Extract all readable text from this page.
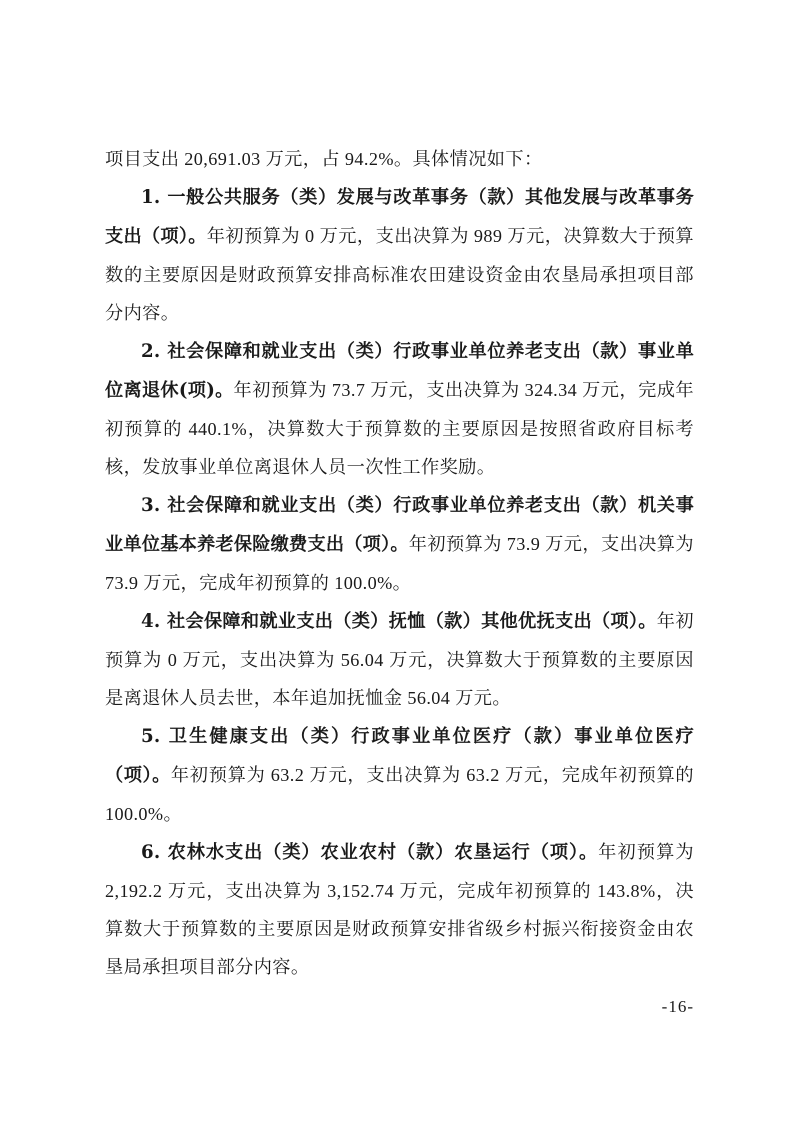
项目支出 20,691.03 万元，占 94.2%。具体情况如下：

1. 一般公共服务（类）发展与改革事务（款）其他发展与改革事务支出（项）。年初预算为 0 万元，支出决算为 989 万元，决算数大于预算数的主要原因是财政预算安排高标准农田建设资金由农垦局承担项目部分内容。

2. 社会保障和就业支出（类）行政事业单位养老支出（款）事业单位离退休(项)。年初预算为 73.7 万元，支出决算为 324.34 万元，完成年初预算的 440.1%，决算数大于预算数的主要原因是按照省政府目标考核，发放事业单位离退休人员一次性工作奖励。

3. 社会保障和就业支出（类）行政事业单位养老支出（款）机关事业单位基本养老保险缴费支出（项）。年初预算为 73.9 万元，支出决算为 73.9 万元，完成年初预算的 100.0%。

4. 社会保障和就业支出（类）抚恤（款）其他优抚支出（项）。年初预算为 0 万元，支出决算为 56.04 万元，决算数大于预算数的主要原因是离退休人员去世，本年追加抚恤金 56.04 万元。

5. 卫生健康支出（类）行政事业单位医疗（款）事业单位医疗（项）。年初预算为 63.2 万元，支出决算为 63.2 万元，完成年初预算的 100.0%。

6. 农林水支出（类）农业农村（款）农垦运行（项）。年初预算为 2,192.2 万元，支出决算为 3,152.74 万元，完成年初预算的 143.8%，决算数大于预算数的主要原因是财政预算安排省级乡村振兴衔接资金由农垦局承担项目部分内容。

-16-
